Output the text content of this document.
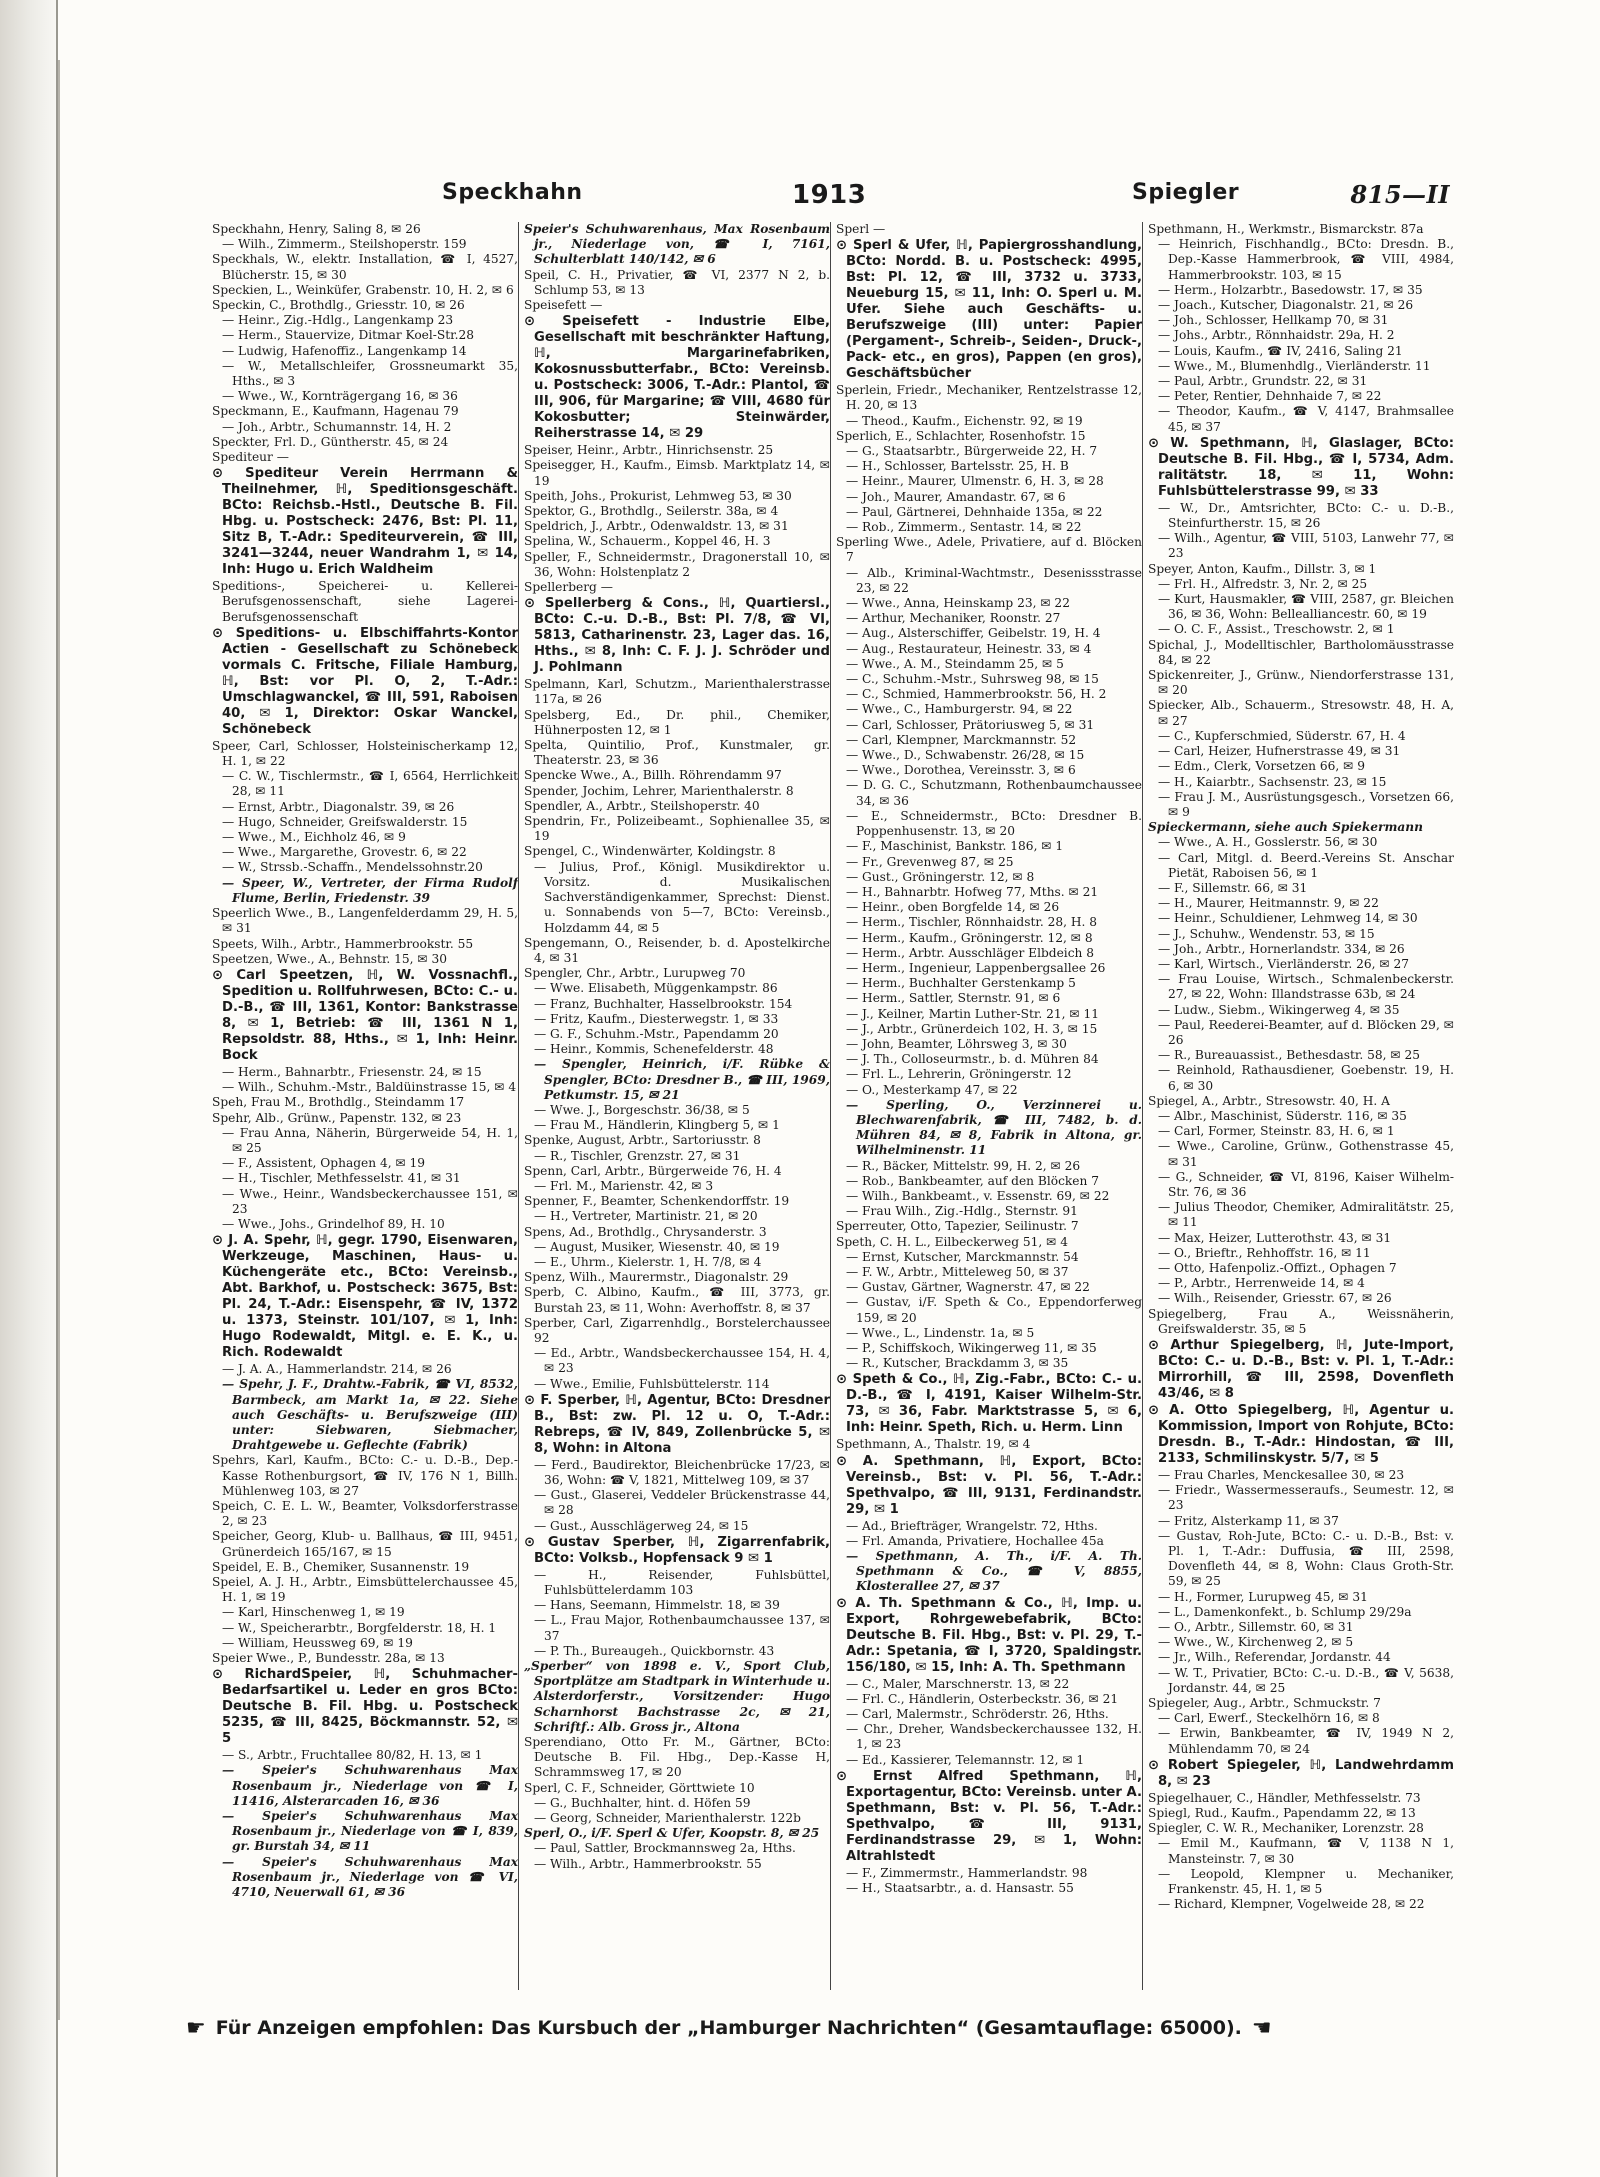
Speckhahn	1913	Spiegler	815—II

Speckhahn, Henry, Saling 8, ✉ 26

— Wilh., Zimmerm., Steilshoperstr. 159

Speckhals, W., elektr. Installation, ☎ I, 4527, Blücherstr. 15, ✉ 30

Speckien, L., Weinküfer, Grabenstr. 10, H. 2, ✉ 6

Speckin, C., Brothdlg., Griesstr. 10, ✉ 26

— Heinr., Zig.-Hdlg., Langenkamp 23

— Herm., Stauervize, Ditmar Koel-Str.28

— Ludwig, Hafenoffiz., Langenkamp 14

— W., Metallschleifer, Grossneumarkt 35, Hths., ✉ 3

— Wwe., W., Kornträgergang 16, ✉ 36

Speckmann, E., Kaufmann, Hagenau 79

— Joh., Arbtr., Schumannstr. 14, H. 2

Speckter, Frl. D., Güntherstr. 45, ✉ 24

Spediteur —

⊙ Spediteur Verein Herrmann & Theilnehmer, ℍ, Speditionsgeschäft. BCto: Reichsb.-Hstl., Deutsche B. Fil. Hbg. u. Postscheck: 2476, Bst: Pl. 11, Sitz B, T.-Adr.: Spediteurverein, ☎ III, 3241—3244, neuer Wandrahm 1, ✉ 14, Inh: Hugo u. Erich Waldheim

Speditions-, Speicherei- u. Kellerei-Berufsgenossenschaft, siehe Lagerei-Berufsgenossenschaft

⊙ Speditions- u. Elbschiffahrts-Kontor Actien - Gesellschaft zu Schönebeck vormals C. Fritsche, Filiale Hamburg, ℍ, Bst: vor Pl. O, 2, T.-Adr.: Umschlagwanckel, ☎ III, 591, Raboisen 40, ✉ 1, Direktor: Oskar Wanckel, Schönebeck

Speer, Carl, Schlosser, Holsteinischerkamp 12, H. 1, ✉ 22

— C. W., Tischlermstr., ☎ I, 6564, Herrlichkeit 28, ✉ 11

— Ernst, Arbtr., Diagonalstr. 39, ✉ 26

— Hugo, Schneider, Greifswalderstr. 15

— Wwe., M., Eichholz 46, ✉ 9

— Wwe., Margarethe, Grovestr. 6, ✉ 22

— W., Strssb.-Schaffn., Mendelssohnstr.20

— Speer, W., Vertreter, der Firma Rudolf Flume, Berlin, Friedenstr. 39

Speerlich Wwe., B., Langenfelderdamm 29, H. 5, ✉ 31

Speets, Wilh., Arbtr., Hammerbrookstr. 55

Speetzen, Wwe., A., Behnstr. 15, ✉ 30

⊙ Carl Speetzen, ℍ, W. Vossnachfl., Spedition u. Rollfuhrwesen, BCto: C.- u. D.-B., ☎ III, 1361, Kontor: Bankstrasse 8, ✉ 1, Betrieb: ☎ III, 1361 N 1, Repsoldstr. 88, Hths., ✉ 1, Inh: Heinr. Bock

— Herm., Bahnarbtr., Friesenstr. 24, ✉ 15

— Wilh., Schuhm.-Mstr., Baldüinstrasse 15, ✉ 4

Speh, Frau M., Brothdlg., Steindamm 17

Spehr, Alb., Grünw., Papenstr. 132, ✉ 23

— Frau Anna, Näherin, Bürgerweide 54, H. 1, ✉ 25

— F., Assistent, Ophagen 4, ✉ 19

— H., Tischler, Methfesselstr. 41, ✉ 31

— Wwe., Heinr., Wandsbeckerchaussee 151, ✉ 23

— Wwe., Johs., Grindelhof 89, H. 10

⊙ J. A. Spehr, ℍ, gegr. 1790, Eisenwaren, Werkzeuge, Maschinen, Haus- u. Küchengeräte etc., BCto: Vereinsb., Abt. Barkhof, u. Postscheck: 3675, Bst: Pl. 24, T.-Adr.: Eisenspehr, ☎ IV, 1372 u. 1373, Steinstr. 101/107, ✉ 1, Inh: Hugo Rodewaldt, Mitgl. e. E. K., u. Rich. Rodewaldt

— J. A. A., Hammerlandstr. 214, ✉ 26

— Spehr, J. F., Drahtw.-Fabrik, ☎ VI, 8532, Barmbeck, am Markt 1a, ✉ 22. Siehe auch Geschäfts- u. Berufszweige (III) unter: Siebwaren, Siebmacher, Drahtgewebe u. Geflechte (Fabrik)

Spehrs, Karl, Kaufm., BCto: C.- u. D.-B., Dep.-Kasse Rothenburgsort, ☎ IV, 176 N 1, Billh. Mühlenweg 103, ✉ 27

Speich, C. E. L. W., Beamter, Volksdorferstrasse 2, ✉ 23

Speicher, Georg, Klub- u. Ballhaus, ☎ III, 9451, Grünerdeich 165/167, ✉ 15

Speidel, E. B., Chemiker, Susannenstr. 19

Speiel, A. J. H., Arbtr., Eimsbüttelerchaussee 45, H. 1, ✉ 19

— Karl, Hinschenweg 1, ✉ 19

— W., Speicherarbtr., Borgfelderstr. 18, H. 1

— William, Heussweg 69, ✉ 19

Speier Wwe., P., Bundesstr. 28a, ✉ 13

⊙ RichardSpeier, ℍ, Schuhmacher-Bedarfsartikel u. Leder en gros BCto: Deutsche B. Fil. Hbg. u. Postscheck 5235, ☎ III, 8425, Böckmannstr. 52, ✉ 5

— S., Arbtr., Fruchtallee 80/82, H. 13, ✉ 1

— Speier's Schuhwarenhaus Max Rosenbaum jr., Niederlage von ☎ I, 11416, Alsterarcaden 16, ✉ 36

— Speier's Schuhwarenhaus Max Rosenbaum jr., Niederlage von ☎ I, 839, gr. Burstah 34, ✉ 11

— Speier's Schuhwarenhaus Max Rosenbaum jr., Niederlage von ☎ VI, 4710, Neuerwall 61, ✉ 36

Speier's Schuhwarenhaus, Max Rosenbaum jr., Niederlage von, ☎ I, 7161, Schulterblatt 140/142, ✉ 6

Speil, C. H., Privatier, ☎ VI, 2377 N 2, b. Schlump 53, ✉ 13

Speisefett —

⊙ Speisefett - Industrie Elbe, Gesellschaft mit beschränkter Haftung, ℍ, Margarinefabriken, Kokosnussbutterfabr., BCto: Vereinsb. u. Postscheck: 3006, T.-Adr.: Plantol, ☎ III, 906, für Margarine; ☎ VIII, 4680 für Kokosbutter; Steinwärder, Reiherstrasse 14, ✉ 29

Speiser, Heinr., Arbtr., Hinrichsenstr. 25

Speisegger, H., Kaufm., Eimsb. Marktplatz 14, ✉ 19

Speith, Johs., Prokurist, Lehmweg 53, ✉ 30

Spektor, G., Brothdlg., Seilerstr. 38a, ✉ 4

Speldrich, J., Arbtr., Odenwaldstr. 13, ✉ 31

Spelina, W., Schauerm., Koppel 46, H. 3

Speller, F., Schneidermstr., Dragonerstall 10, ✉ 36, Wohn: Holstenplatz 2

Spellerberg —

⊙ Spellerberg & Cons., ℍ, Quartiersl., BCto: C.-u. D.-B., Bst: Pl. 7/8, ☎ VI, 5813, Catharinenstr. 23, Lager das. 16, Hths., ✉ 8, Inh: C. F. J. J. Schröder und J. Pohlmann

Spelmann, Karl, Schutzm., Marienthalerstrasse 117a, ✉ 26

Spelsberg, Ed., Dr. phil., Chemiker, Hühnerposten 12, ✉ 1

Spelta, Quintilio, Prof., Kunstmaler, gr. Theaterstr. 23, ✉ 36

Spencke Wwe., A., Billh. Röhrendamm 97

Spender, Jochim, Lehrer, Marienthalerstr. 8

Spendler, A., Arbtr., Steilshoperstr. 40

Spendrin, Fr., Polizeibeamt., Sophienallee 35, ✉ 19

Spengel, C., Windenwärter, Koldingstr. 8

— Julius, Prof., Königl. Musikdirektor u. Vorsitz. d. Musikalischen Sachverständigenkammer, Sprechst: Dienst. u. Sonnabends von 5—7, BCto: Vereinsb., Holzdamm 44, ✉ 5

Spengemann, O., Reisender, b. d. Apostelkirche 4, ✉ 31

Spengler, Chr., Arbtr., Lurupweg 70

— Wwe. Elisabeth, Müggenkampstr. 86

— Franz, Buchhalter, Hasselbrookstr. 154

— Fritz, Kaufm., Diesterwegstr. 1, ✉ 33

— G. F., Schuhm.-Mstr., Papendamm 20

— Heinr., Kommis, Schenefelderstr. 48

— Spengler, Heinrich, i/F. Rübke & Spengler, BCto: Dresdner B., ☎ III, 1969, Petkumstr. 15, ✉ 21

— Wwe. J., Borgeschstr. 36/38, ✉ 5

— Frau M., Händlerin, Klingberg 5, ✉ 1

Spenke, August, Arbtr., Sartoriusstr. 8

— R., Tischler, Grenzstr. 27, ✉ 31

Spenn, Carl, Arbtr., Bürgerweide 76, H. 4

— Frl. M., Marienstr. 42, ✉ 3

Spenner, F., Beamter, Schenkendorffstr. 19

— H., Vertreter, Martinistr. 21, ✉ 20

Spens, Ad., Brothdlg., Chrysanderstr. 3

— August, Musiker, Wiesenstr. 40, ✉ 19

— E., Uhrm., Kielerstr. 1, H. 7/8, ✉ 4

Spenz, Wilh., Maurermstr., Diagonalstr. 29

Sperb, C. Albino, Kaufm., ☎ III, 3773, gr. Burstah 23, ✉ 11, Wohn: Averhoffstr. 8, ✉ 37

Sperber, Carl, Zigarrenhdlg., Borstelerchaussee 92

— Ed., Arbtr., Wandsbeckerchaussee 154, H. 4, ✉ 23

— Wwe., Emilie, Fuhlsbüttelerstr. 114

⊙ F. Sperber, ℍ, Agentur, BCto: Dresdner B., Bst: zw. Pl. 12 u. O, T.-Adr.: Rebreps, ☎ IV, 849, Zollenbrücke 5, ✉ 8, Wohn: in Altona

— Ferd., Baudirektor, Bleichenbrücke 17/23, ✉ 36, Wohn: ☎ V, 1821, Mittelweg 109, ✉ 37

— Gust., Glaserei, Veddeler Brückenstrasse 44, ✉ 28

— Gust., Ausschlägerweg 24, ✉ 15

⊙ Gustav Sperber, ℍ, Zigarrenfabrik, BCto: Volksb., Hopfensack 9 ✉ 1

— H., Reisender, Fuhlsbüttel, Fuhlsbüttelerdamm 103

— Hans, Seemann, Himmelstr. 18, ✉ 39

— L., Frau Major, Rothenbaumchaussee 137, ✉ 37

— P. Th., Bureaugeh., Quickbornstr. 43

„Sperber“ von 1898 e. V., Sport Club, Sportplätze am Stadtpark in Winterhude u. Alsterdorferstr., Vorsitzender: Hugo Scharnhorst Bachstrasse 2c, ✉ 21, Schriftf.: Alb. Gross jr., Altona

Sperendiano, Otto Fr. M., Gärtner, BCto: Deutsche B. Fil. Hbg., Dep.-Kasse H, Schrammsweg 17, ✉ 20

Sperl, C. F., Schneider, Görttwiete 10

— G., Buchhalter, hint. d. Höfen 59

— Georg, Schneider, Marienthalerstr. 122b

Sperl, O., i/F. Sperl & Ufer, Koopstr. 8, ✉ 25

— Paul, Sattler, Brockmannsweg 2a, Hths.

— Wilh., Arbtr., Hammerbrookstr. 55

Sperl —

⊙ Sperl & Ufer, ℍ, Papiergrosshandlung, BCto: Nordd. B. u. Postscheck: 4995, Bst: Pl. 12, ☎ III, 3732 u. 3733, Neueburg 15, ✉ 11, Inh: O. Sperl u. M. Ufer. Siehe auch Geschäfts- u. Berufszweige (III) unter: Papier (Pergament-, Schreib-, Seiden-, Druck-, Pack- etc., en gros), Pappen (en gros), Geschäftsbücher

Sperlein, Friedr., Mechaniker, Rentzelstrasse 12, H. 20, ✉ 13

— Theod., Kaufm., Eichenstr. 92, ✉ 19

Sperlich, E., Schlachter, Rosenhofstr. 15

— G., Staatsarbtr., Bürgerweide 22, H. 7

— H., Schlosser, Bartelsstr. 25, H. B

— Heinr., Maurer, Ulmenstr. 6, H. 3, ✉ 28

— Joh., Maurer, Amandastr. 67, ✉ 6

— Paul, Gärtnerei, Dehnhaide 135a, ✉ 22

— Rob., Zimmerm., Sentastr. 14, ✉ 22

Sperling Wwe., Adele, Privatiere, auf d. Blöcken 7

— Alb., Kriminal-Wachtmstr., Desenissstrasse 23, ✉ 22

— Wwe., Anna, Heinskamp 23, ✉ 22

— Arthur, Mechaniker, Roonstr. 27

— Aug., Alsterschiffer, Geibelstr. 19, H. 4

— Aug., Restaurateur, Heinestr. 33, ✉ 4

— Wwe., A. M., Steindamm 25, ✉ 5

— C., Schuhm.-Mstr., Suhrsweg 98, ✉ 15

— C., Schmied, Hammerbrookstr. 56, H. 2

— Wwe., C., Hamburgerstr. 94, ✉ 22

— Carl, Schlosser, Prätoriusweg 5, ✉ 31

— Carl, Klempner, Marckmannstr. 52

— Wwe., D., Schwabenstr. 26/28, ✉ 15

— Wwe., Dorothea, Vereinsstr. 3, ✉ 6

— D. G. C., Schutzmann, Rothenbaumchaussee 34, ✉ 36

— E., Schneidermstr., BCto: Dresdner B. Poppenhusenstr. 13, ✉ 20

— F., Maschinist, Bankstr. 186, ✉ 1

— Fr., Grevenweg 87, ✉ 25

— Gust., Gröningerstr. 12, ✉ 8

— H., Bahnarbtr. Hofweg 77, Mths. ✉ 21

— Heinr., oben Borgfelde 14, ✉ 26

— Herm., Tischler, Rönnhaidstr. 28, H. 8

— Herm., Kaufm., Gröningerstr. 12, ✉ 8

— Herm., Arbtr. Ausschläger Elbdeich 8

— Herm., Ingenieur, Lappenbergsallee 26

— Herm., Buchhalter Gerstenkamp 5

— Herm., Sattler, Sternstr. 91, ✉ 6

— J., Keilner, Martin Luther-Str. 21, ✉ 11

— J., Arbtr., Grünerdeich 102, H. 3, ✉ 15

— John, Beamter, Löhrsweg 3, ✉ 30

— J. Th., Colloseurmstr., b. d. Mühren 84

— Frl. L., Lehrerin, Gröningerstr. 12

— O., Mesterkamp 47, ✉ 22

— Sperling, O., Verzinnerei u. Blechwarenfabrik, ☎ III, 7482, b. d. Mühren 84, ✉ 8, Fabrik in Altona, gr. Wilhelminenstr. 11

— R., Bäcker, Mittelstr. 99, H. 2, ✉ 26

— Rob., Bankbeamter, auf den Blöcken 7

— Wilh., Bankbeamt., v. Essenstr. 69, ✉ 22

— Frau Wilh., Zig.-Hdlg., Sternstr. 91

Sperreuter, Otto, Tapezier, Seilinustr. 7

Speth, C. H. L., Eilbeckerweg 51, ✉ 4

— Ernst, Kutscher, Marckmannstr. 54

— F. W., Arbtr., Mitteleweg 50, ✉ 37

— Gustav, Gärtner, Wagnerstr. 47, ✉ 22

— Gustav, i/F. Speth & Co., Eppendorferweg 159, ✉ 20

— Wwe., L., Lindenstr. 1a, ✉ 5

— P., Schiffskoch, Wikingerweg 11, ✉ 35

— R., Kutscher, Brackdamm 3, ✉ 35

⊙ Speth & Co., ℍ, Zig.-Fabr., BCto: C.- u. D.-B., ☎ I, 4191, Kaiser Wilhelm-Str. 73, ✉ 36, Fabr. Marktstrasse 5, ✉ 6, Inh: Heinr. Speth, Rich. u. Herm. Linn

Spethmann, A., Thalstr. 19, ✉ 4

⊙ A. Spethmann, ℍ, Export, BCto: Vereinsb., Bst: v. Pl. 56, T.-Adr.: Spethvalpo, ☎ III, 9131, Ferdinandstr. 29, ✉ 1

— Ad., Briefträger, Wrangelstr. 72, Hths.

— Frl. Amanda, Privatiere, Hochallee 45a

— Spethmann, A. Th., i/F. A. Th. Spethmann & Co., ☎ V, 8855, Klosterallee 27, ✉ 37

⊙ A. Th. Spethmann & Co., ℍ, Imp. u. Export, Rohrgewebefabrik, BCto: Deutsche B. Fil. Hbg., Bst: v. Pl. 29, T.-Adr.: Spetania, ☎ I, 3720, Spaldingstr. 156/180, ✉ 15, Inh: A. Th. Spethmann

— C., Maler, Marschnerstr. 13, ✉ 22

— Frl. C., Händlerin, Osterbeckstr. 36, ✉ 21

— Carl, Malermstr., Schröderstr. 26, Hths.

— Chr., Dreher, Wandsbeckerchaussee 132, H. 1, ✉ 23

— Ed., Kassierer, Telemannstr. 12, ✉ 1

⊙ Ernst Alfred Spethmann, ℍ, Exportagentur, BCto: Vereinsb. unter A. Spethmann, Bst: v. Pl. 56, T.-Adr.: Spethvalpo, ☎ III, 9131, Ferdinandstrasse 29, ✉ 1, Wohn: Altrahlstedt

— F., Zimmermstr., Hammerlandstr. 98

— H., Staatsarbtr., a. d. Hansastr. 55

Spethmann, H., Werkmstr., Bismarckstr. 87a

— Heinrich, Fischhandlg., BCto: Dresdn. B., Dep.-Kasse Hammerbrook, ☎ VIII, 4984, Hammerbrookstr. 103, ✉ 15

— Herm., Holzarbtr., Basedowstr. 17, ✉ 35

— Joach., Kutscher, Diagonalstr. 21, ✉ 26

— Joh., Schlosser, Hellkamp 70, ✉ 31

— Johs., Arbtr., Rönnhaidstr. 29a, H. 2

— Louis, Kaufm., ☎ IV, 2416, Saling 21

— Wwe., M., Blumenhdlg., Vierländerstr. 11

— Paul, Arbtr., Grundstr. 22, ✉ 31

— Peter, Rentier, Dehnhaide 7, ✉ 22

— Theodor, Kaufm., ☎ V, 4147, Brahmsallee 45, ✉ 37

⊙ W. Spethmann, ℍ, Glaslager, BCto: Deutsche B. Fil. Hbg., ☎ I, 5734, Adm. ralitätstr. 18, ✉ 11, Wohn: Fuhlsbüttelerstrasse 99, ✉ 33

— W., Dr., Amtsrichter, BCto: C.- u. D.-B., Steinfurtherstr. 15, ✉ 26

— Wilh., Agentur, ☎ VIII, 5103, Lanwehr 77, ✉ 23

Speyer, Anton, Kaufm., Dillstr. 3, ✉ 1

— Frl. H., Alfredstr. 3, Nr. 2, ✉ 25

— Kurt, Hausmakler, ☎ VIII, 2587, gr. Bleichen 36, ✉ 36, Wohn: Bellealliancestr. 60, ✉ 19

— O. C. F., Assist., Treschowstr. 2, ✉ 1

Spichal, J., Modelltischler, Bartholomäusstrasse 84, ✉ 22

Spickenreiter, J., Grünw., Niendorferstrasse 131, ✉ 20

Spiecker, Alb., Schauerm., Stresowstr. 48, H. A, ✉ 27

— C., Kupferschmied, Süderstr. 67, H. 4

— Carl, Heizer, Hufnerstrasse 49, ✉ 31

— Edm., Clerk, Vorsetzen 66, ✉ 9

— H., Kaiarbtr., Sachsenstr. 23, ✉ 15

— Frau J. M., Ausrüstungsgesch., Vorsetzen 66, ✉ 9

Spieckermann, siehe auch Spiekermann

— Wwe., A. H., Gosslerstr. 56, ✉ 30

— Carl, Mitgl. d. Beerd.-Vereins St. Anschar Pietät, Raboisen 56, ✉ 1

— F., Sillemstr. 66, ✉ 31

— H., Maurer, Heitmannstr. 9, ✉ 22

— Heinr., Schuldiener, Lehmweg 14, ✉ 30

— J., Schuhw., Wendenstr. 53, ✉ 15

— Joh., Arbtr., Hornerlandstr. 334, ✉ 26

— Karl, Wirtsch., Vierländerstr. 26, ✉ 27

— Frau Louise, Wirtsch., Schmalenbeckerstr. 27, ✉ 22, Wohn: Illandstrasse 63b, ✉ 24

— Ludw., Siebm., Wikingerweg 4, ✉ 35

— Paul, Reederei-Beamter, auf d. Blöcken 29, ✉ 26

— R., Bureauassist., Bethesdastr. 58, ✉ 25

— Reinhold, Rathausdiener, Goebenstr. 19, H. 6, ✉ 30

Spiegel, A., Arbtr., Stresowstr. 40, H. A

— Albr., Maschinist, Süderstr. 116, ✉ 35

— Carl, Former, Steinstr. 83, H. 6, ✉ 1

— Wwe., Caroline, Grünw., Gothenstrasse 45, ✉ 31

— G., Schneider, ☎ VI, 8196, Kaiser Wilhelm-Str. 76, ✉ 36

— Julius Theodor, Chemiker, Admiralitätstr. 25, ✉ 11

— Max, Heizer, Lutterothstr. 43, ✉ 31

— O., Brieftr., Rehhoffstr. 16, ✉ 11

— Otto, Hafenpoliz.-Offizt., Ophagen 7

— P., Arbtr., Herrenweide 14, ✉ 4

— Wilh., Reisender, Griesstr. 67, ✉ 26

Spiegelberg, Frau A., Weissnäherin, Greifswalderstr. 35, ✉ 5

⊙ Arthur Spiegelberg, ℍ, Jute-Import, BCto: C.- u. D.-B., Bst: v. Pl. 1, T.-Adr.: Mirrorhill, ☎ III, 2598, Dovenfleth 43/46, ✉ 8

⊙ A. Otto Spiegelberg, ℍ, Agentur u. Kommission, Import von Rohjute, BCto: Dresdn. B., T.-Adr.: Hindostan, ☎ III, 2133, Schmilinskystr. 5/7, ✉ 5

— Frau Charles, Menckesallee 30, ✉ 23

— Friedr., Wassermesseraufs., Seumestr. 12, ✉ 23

— Fritz, Alsterkamp 11, ✉ 37

— Gustav, Roh-Jute, BCto: C.- u. D.-B., Bst: v. Pl. 1, T.-Adr.: Duffusia, ☎ III, 2598, Dovenfleth 44, ✉ 8, Wohn: Claus Groth-Str. 59, ✉ 25

— H., Former, Lurupweg 45, ✉ 31

— L., Damenkonfekt., b. Schlump 29/29a

— O., Arbtr., Sillemstr. 60, ✉ 31

— Wwe., W., Kirchenweg 2, ✉ 5

— Jr., Wilh., Referendar, Jordanstr. 44

— W. T., Privatier, BCto: C.-u. D.-B., ☎ V, 5638, Jordanstr. 44, ✉ 25

Spiegeler, Aug., Arbtr., Schmuckstr. 7

— Carl, Ewerf., Steckelhörn 16, ✉ 8

— Erwin, Bankbeamter, ☎ IV, 1949 N 2, Mühlendamm 70, ✉ 24

⊙ Robert Spiegeler, ℍ, Landwehrdamm 8, ✉ 23

Spiegelhauer, C., Händler, Methfesselstr. 73

Spiegl, Rud., Kaufm., Papendamm 22, ✉ 13

Spiegler, C. W. R., Mechaniker, Lorenzstr. 28

— Emil M., Kaufmann, ☎ V, 1138 N 1, Mansteinstr. 7, ✉ 30

— Leopold, Klempner u. Mechaniker, Frankenstr. 45, H. 1, ✉ 5

— Richard, Klempner, Vogelweide 28, ✉ 22

☛ Für Anzeigen empfohlen: Das Kursbuch der „Hamburger Nachrichten“ (Gesamtauflage: 65000). ☚
